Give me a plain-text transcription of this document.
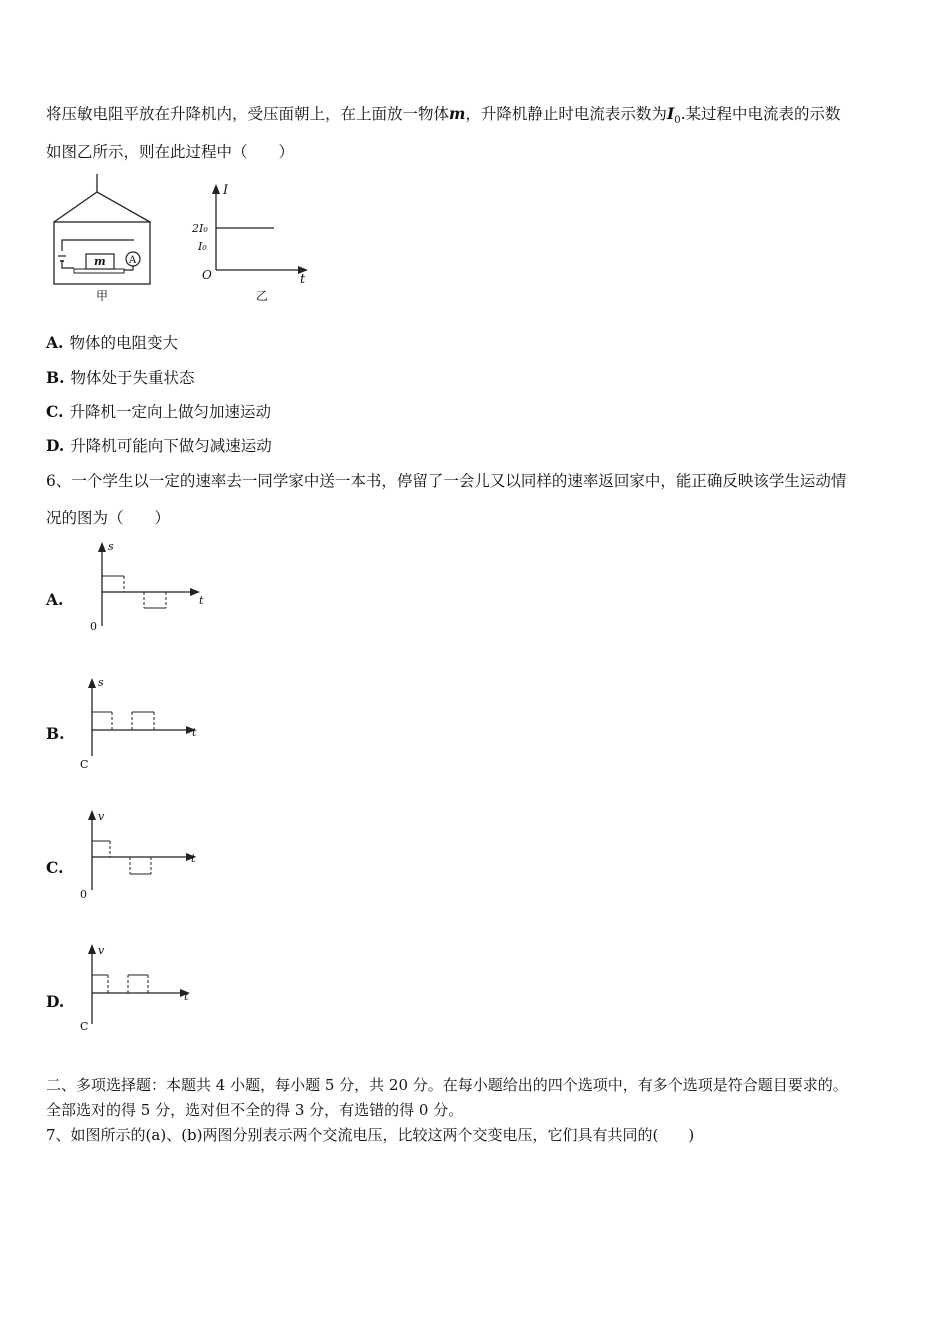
将压敏电阻平放在升降机内，受压面朝上，在上面放一物体m，升降机静止时电流表示数为$I_0$.某过程中电流表的示数
如图乙所示，则在此过程中（　　）
A
m
甲
I
t
O
2I₀
I₀
乙
A. 物体的电阻变大
B. 物体处于失重状态
C. 升降机一定向上做匀加速运动
D. 升降机可能向下做匀减速运动
6、一个学生以一定的速率去一同学家中送一本书，停留了一会儿又以同样的速率返回家中，能正确反映该学生运动情
况的图为（　　）
A.
s
t
0
B.
s
t
C
C.
v
t
0
D.
v
t
C
二、多项选择题：本题共 4 小题，每小题 5 分，共 20 分。在每小题给出的四个选项中，有多个选项是符合题目要求的。
全部选对的得 5 分，选对但不全的得 3 分，有选错的得 0 分。
7、如图所示的(a)、(b)两图分别表示两个交流电压，比较这两个交变电压，它们具有共同的(　　)
